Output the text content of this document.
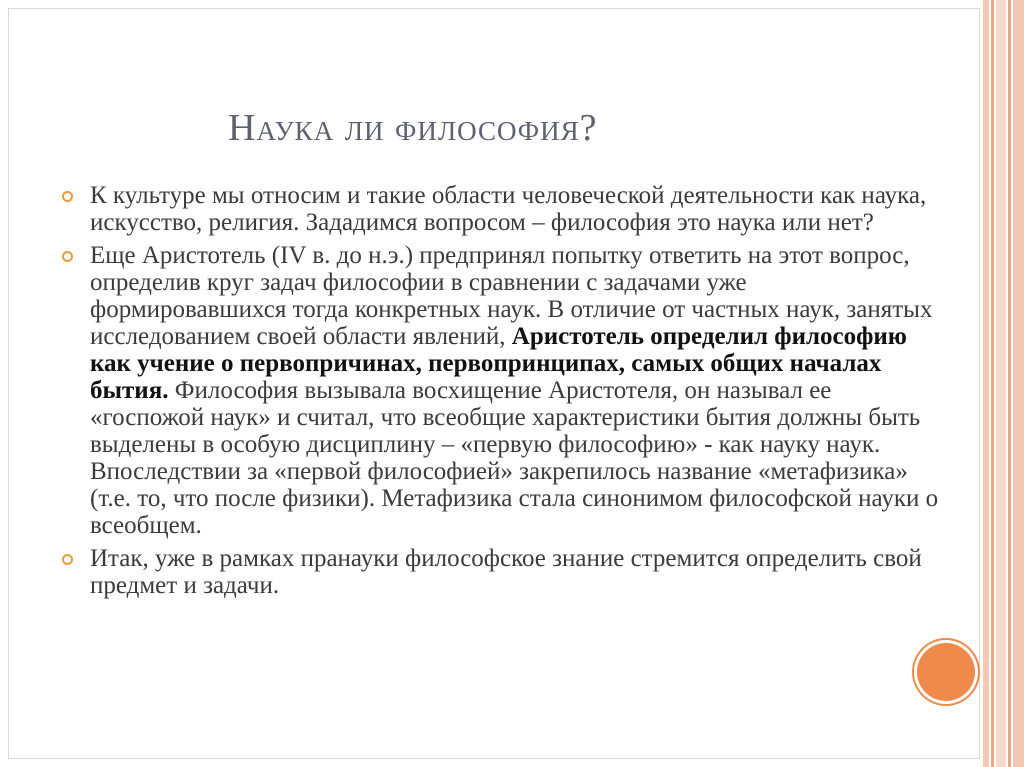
Наука ли философия?
К культуре мы относим и такие области человеческой деятельности как наука, искусство, религия. Зададимся вопросом – философия это наука или нет?
Еще Аристотель (IV в. до н.э.) предпринял попытку ответить на этот вопрос, определив круг задач философии в сравнении с задачами уже формировавшихся тогда конкретных наук. В отличие от частных наук, занятых исследованием своей области явлений, Аристотель определил философию как учение о первопричинах, первопринципах, самых общих началах бытия. Философия вызывала восхищение Аристотеля, он называл ее «госпожой наук» и считал, что всеобщие характеристики бытия должны быть выделены в особую дисциплину – «первую философию» - как науку наук. Впоследствии за «первой философией» закрепилось название «метафизика» (т.е. то, что после физики). Метафизика стала синонимом философской науки о всеобщем.
Итак, уже в рамках пранауки философское знание стремится определить свой предмет и задачи.
